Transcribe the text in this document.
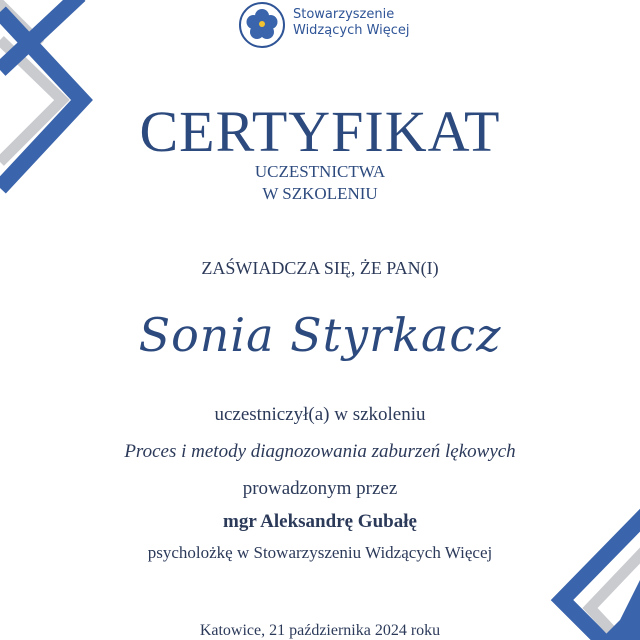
Stowarzyszenie
Widzących Więcej
CERTYFIKAT
UCZESTNICTWA
W SZKOLENIU
ZAŚWIADCZA SIĘ, ŻE PAN(I)
Sonia Styrkacz
uczestniczył(a) w szkoleniu
Proces i metody diagnozowania zaburzeń lękowych
prowadzonym przez
mgr Aleksandrę Gubałę
psycholożkę w Stowarzyszeniu Widzących Więcej
Katowice, 21 października 2024 roku
